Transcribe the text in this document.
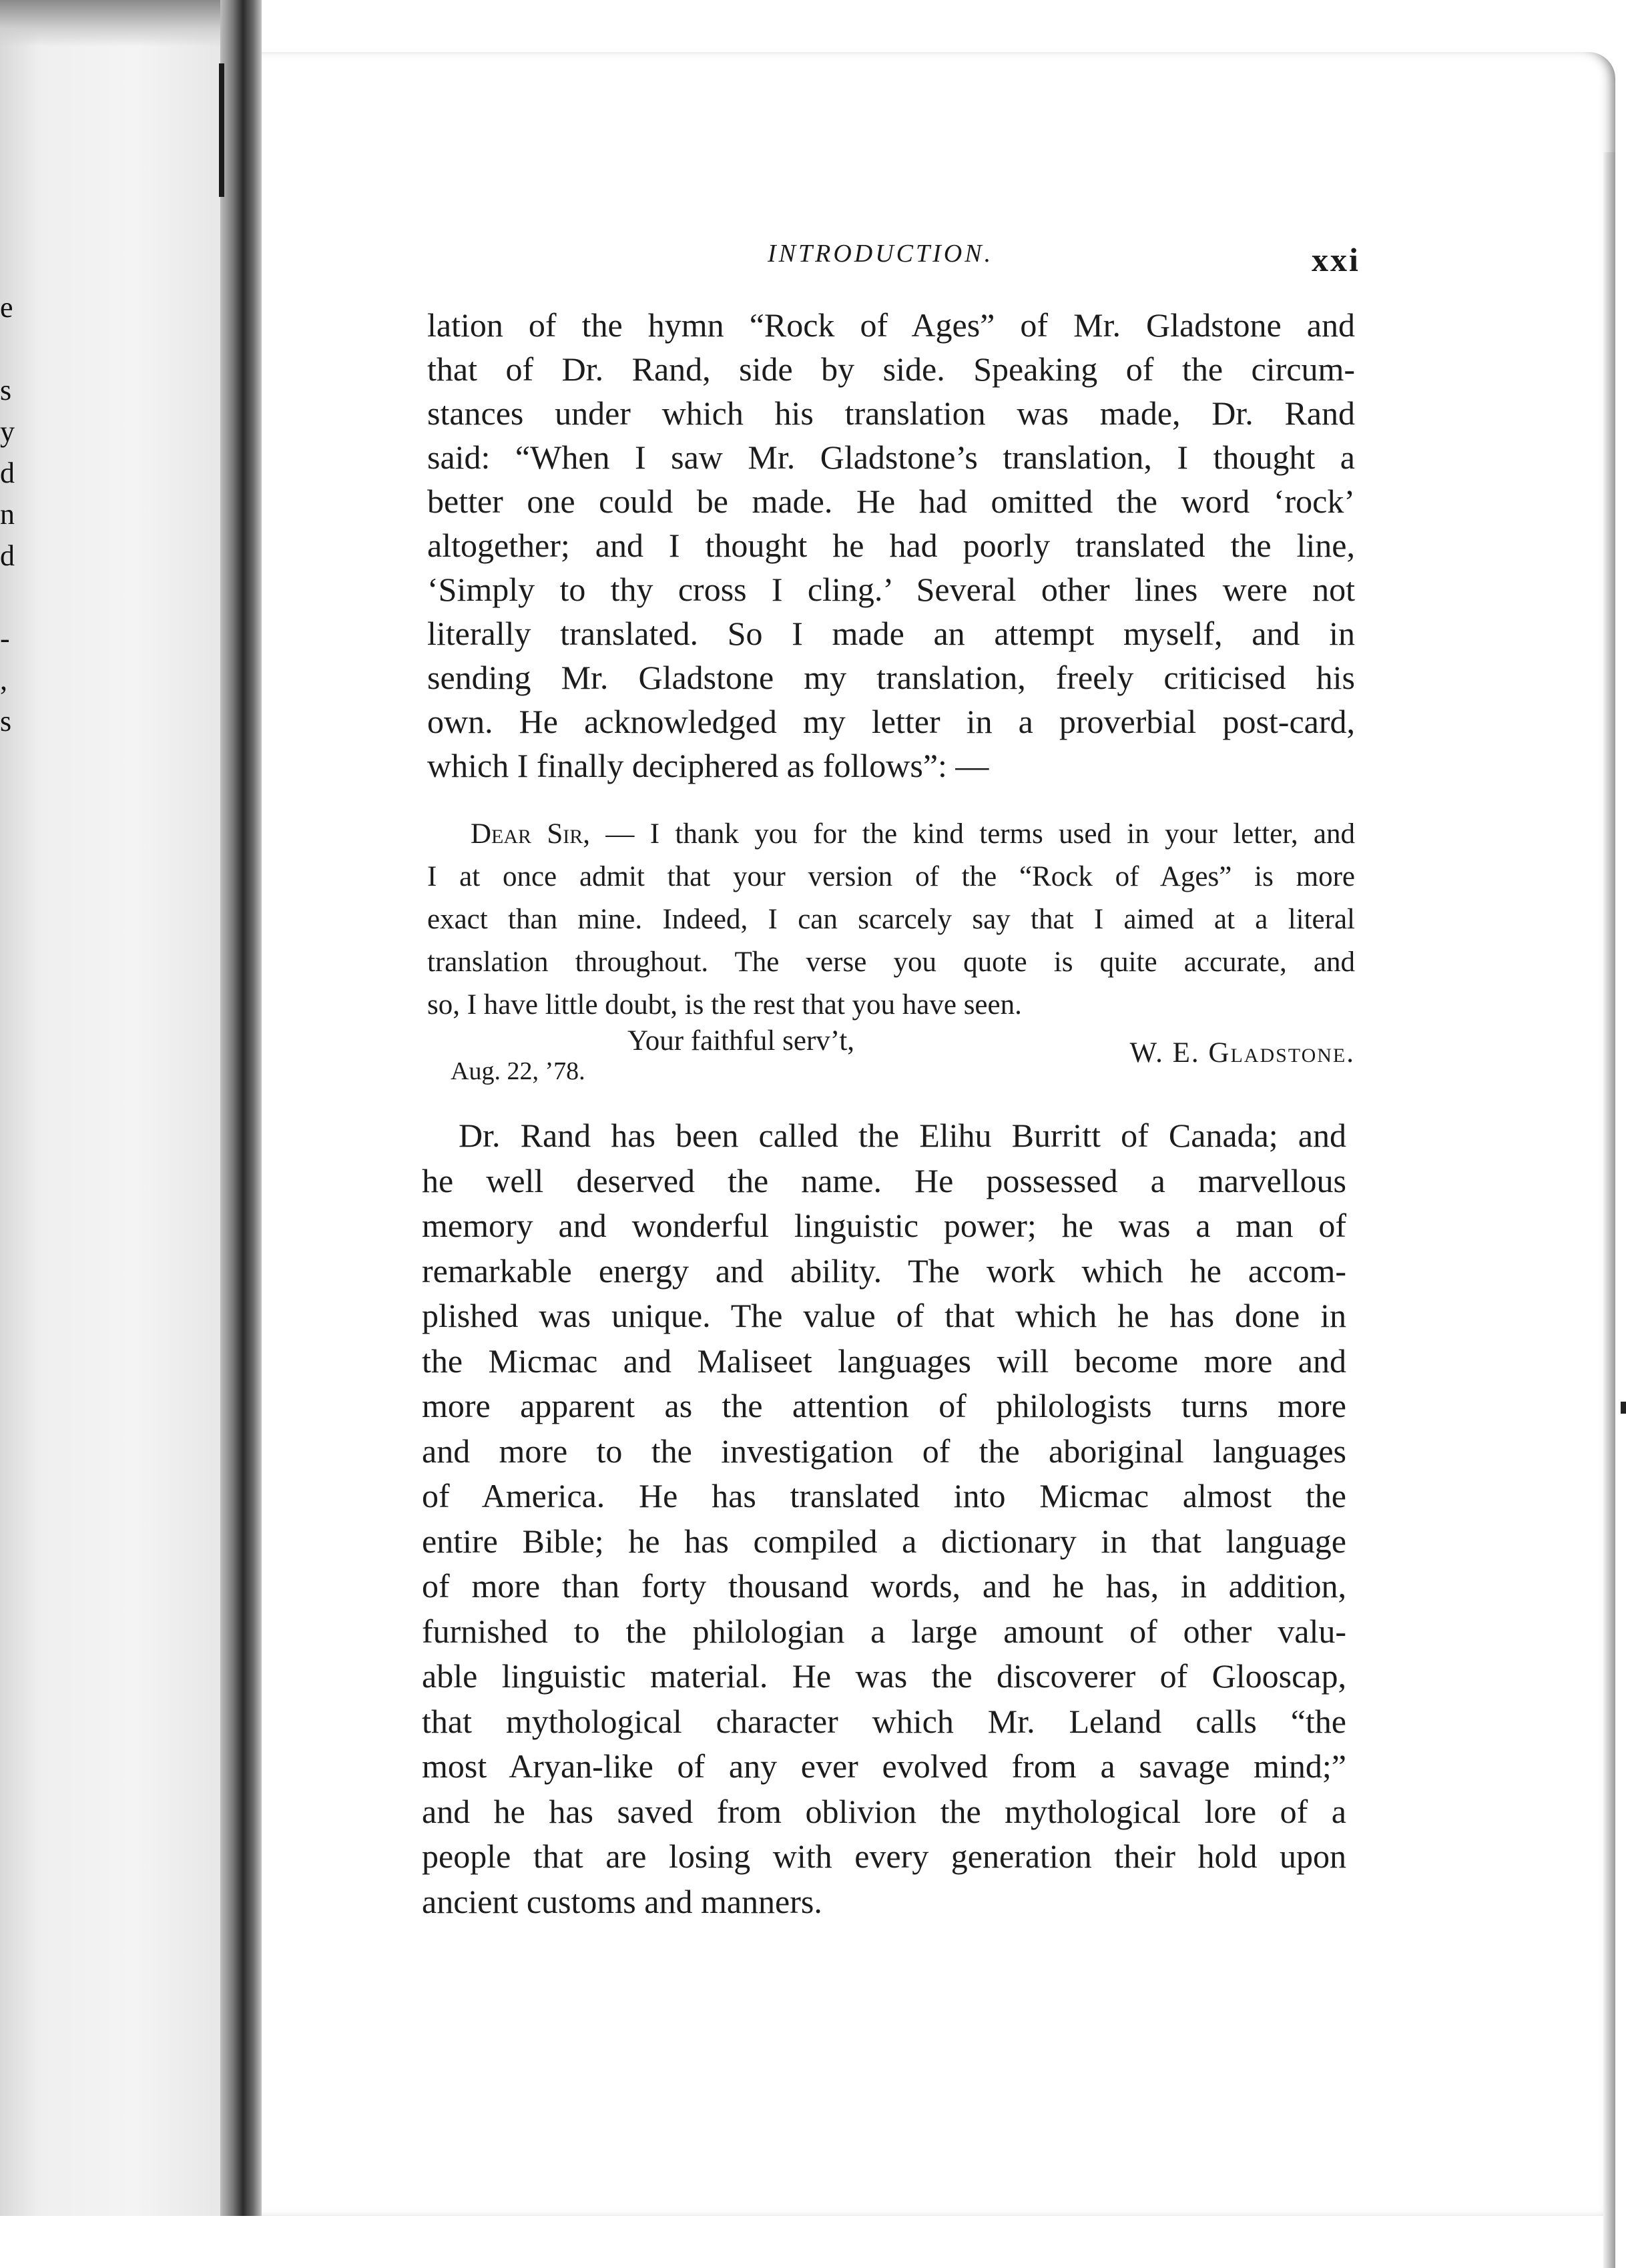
e
s
y
d
n
d
-
,
s
INTRODUCTION.	xxi
lation of the hymn “Rock of Ages” of Mr. Gladstone and
that of Dr. Rand, side by side. Speaking of the circum-
stances under which his translation was made, Dr. Rand
said: “When I saw Mr. Gladstone’s translation, I thought a
better one could be made. He had omitted the word ‘rock’
altogether; and I thought he had poorly translated the line,
‘Simply to thy cross I cling.’ Several other lines were not
literally translated. So I made an attempt myself, and in
sending Mr. Gladstone my translation, freely criticised his
own. He acknowledged my letter in a proverbial post-card,
which I finally deciphered as follows”: —
Dear Sir, — I thank you for the kind terms used in your letter, and
I at once admit that your version of the “Rock of Ages” is more
exact than mine. Indeed, I can scarcely say that I aimed at a literal
translation throughout. The verse you quote is quite accurate, and
so, I have little doubt, is the rest that you have seen.
Your faithful serv’t,	W. E. Gladstone.
Aug. 22, ’78.
Dr. Rand has been called the Elihu Burritt of Canada; and
he well deserved the name. He possessed a marvellous
memory and wonderful linguistic power; he was a man of
remarkable energy and ability. The work which he accom-
plished was unique. The value of that which he has done in
the Micmac and Maliseet languages will become more and
more apparent as the attention of philologists turns more
and more to the investigation of the aboriginal languages
of America. He has translated into Micmac almost the
entire Bible; he has compiled a dictionary in that language
of more than forty thousand words, and he has, in addition,
furnished to the philologian a large amount of other valu-
able linguistic material. He was the discoverer of Glooscap,
that mythological character which Mr. Leland calls “the
most Aryan-like of any ever evolved from a savage mind;”
and he has saved from oblivion the mythological lore of a
people that are losing with every generation their hold upon
ancient customs and manners.
